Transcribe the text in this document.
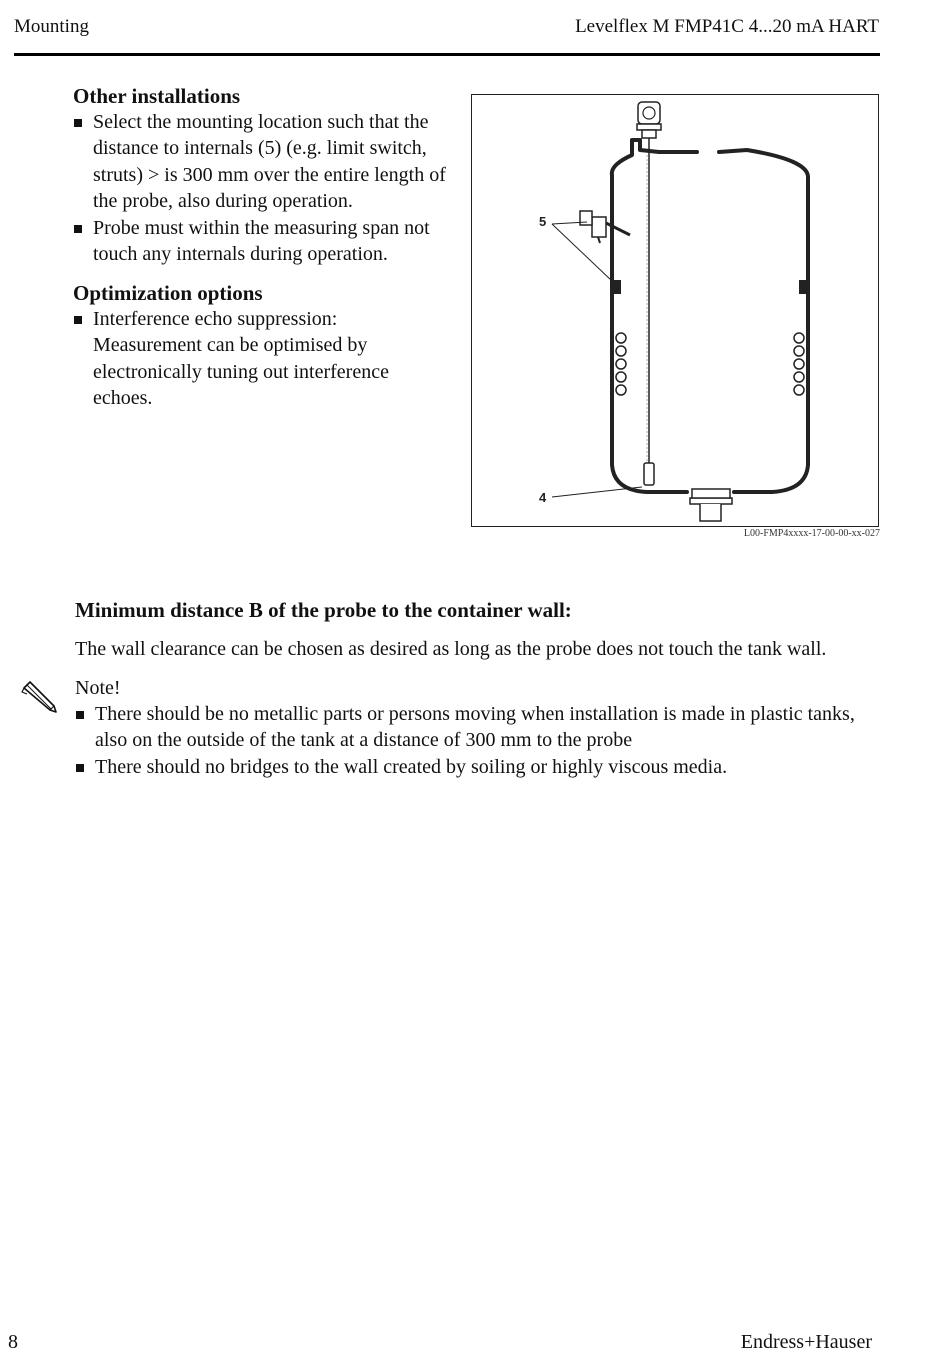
Mounting	Levelflex M FMP41C 4...20 mA HART
Other installations
Select the mounting location such that the distance to internals (5) (e.g. limit switch, struts) > is 300 mm over the entire length of the probe, also during operation.
Probe must within the measuring span not touch any internals during operation.
Optimization options
Interference echo suppression: Measurement can be optimised by electronically tuning out interference echoes.
5
4
L00-FMP4xxxx-17-00-00-xx-027
Minimum distance B of the probe to the container wall:
The wall clearance can be chosen as desired as long as the probe does not touch the tank wall.
Note!
There should be no metallic parts or persons moving when installation is made in plastic tanks, also on the outside of the tank at a distance of 300 mm to the probe
There should no bridges to the wall created by soiling or highly viscous media.
8	Endress+Hauser
